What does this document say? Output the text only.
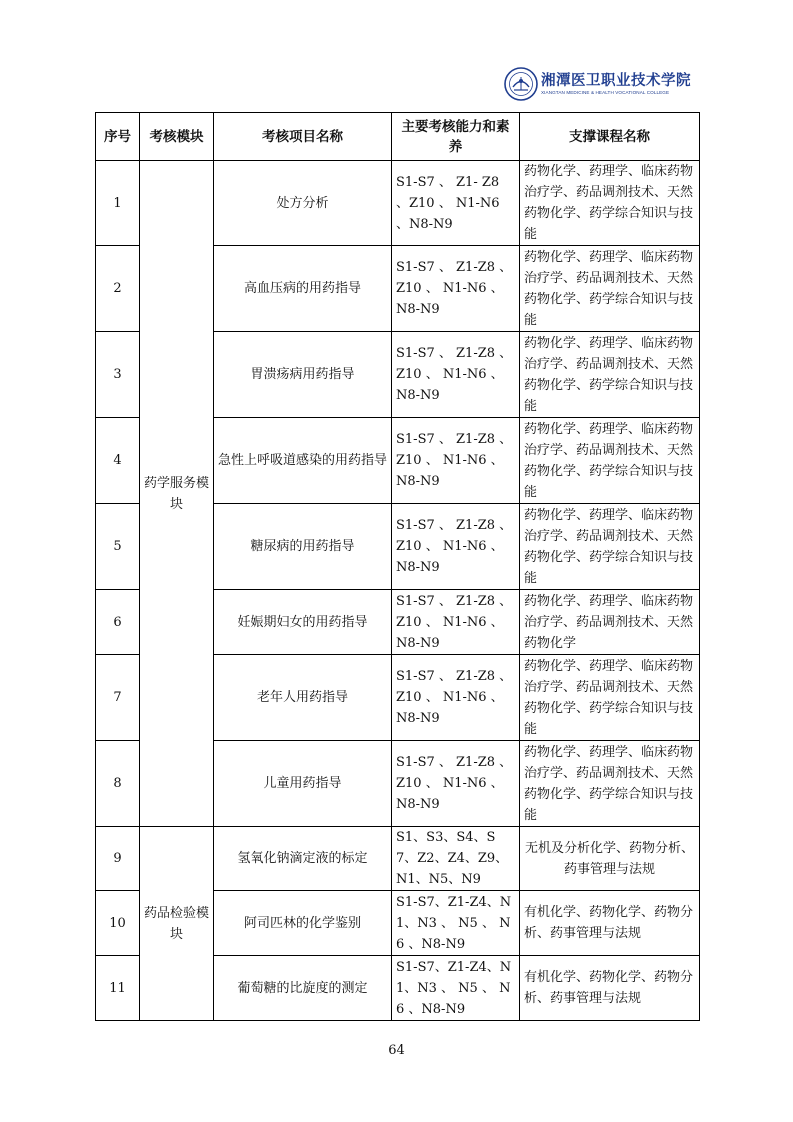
湘潭医卫职业技术学院
XIANGTAN MEDICINE & HEALTH VOCATIONAL COLLEGE
序号	考核模块	考核项目名称	主要考核能力和素养	支撑课程名称
1	药学服务模块	处方分析	S1-S7 、 Z1- Z8 、Z10 、 N1-N6 、N8-N9	药物化学、药理学、临床药物治疗学、药品调剂技术、天然药物化学、药学综合知识与技能
2		高血压病的用药指导	S1-S7 、 Z1-Z8 、Z10 、 N1-N6 、N8-N9	药物化学、药理学、临床药物治疗学、药品调剂技术、天然药物化学、药学综合知识与技能
3		胃溃疡病用药指导	S1-S7 、 Z1-Z8 、Z10 、 N1-N6 、N8-N9	药物化学、药理学、临床药物治疗学、药品调剂技术、天然药物化学、药学综合知识与技能
4		急性上呼吸道感染的用药指导	S1-S7 、 Z1-Z8 、Z10 、 N1-N6 、N8-N9	药物化学、药理学、临床药物治疗学、药品调剂技术、天然药物化学、药学综合知识与技能
5		糖尿病的用药指导	S1-S7 、 Z1-Z8 、Z10 、 N1-N6 、N8-N9	药物化学、药理学、临床药物治疗学、药品调剂技术、天然药物化学、药学综合知识与技能
6		妊娠期妇女的用药指导	S1-S7 、 Z1-Z8 、Z10 、 N1-N6 、N8-N9	药物化学、药理学、临床药物治疗学、药品调剂技术、天然药物化学
7		老年人用药指导	S1-S7 、 Z1-Z8 、Z10 、 N1-N6 、N8-N9	药物化学、药理学、临床药物治疗学、药品调剂技术、天然药物化学、药学综合知识与技能
8		儿童用药指导	S1-S7 、 Z1-Z8 、Z10 、 N1-N6 、N8-N9	药物化学、药理学、临床药物治疗学、药品调剂技术、天然药物化学、药学综合知识与技能
9	药品检验模块	氢氧化钠滴定液的标定	S1、S3、S4、S7、Z2、Z4、Z9、N1、N5、N9	无机及分析化学、药物分析、药事管理与法规
10		阿司匹林的化学鉴别	S1-S7、Z1-Z4、N1、N3 、 N5 、 N6 、N8-N9	有机化学、药物化学、药物分析、药事管理与法规
11		葡萄糖的比旋度的测定	S1-S7、Z1-Z4、N1、N3 、 N5 、 N6 、N8-N9	有机化学、药物化学、药物分析、药事管理与法规
64
